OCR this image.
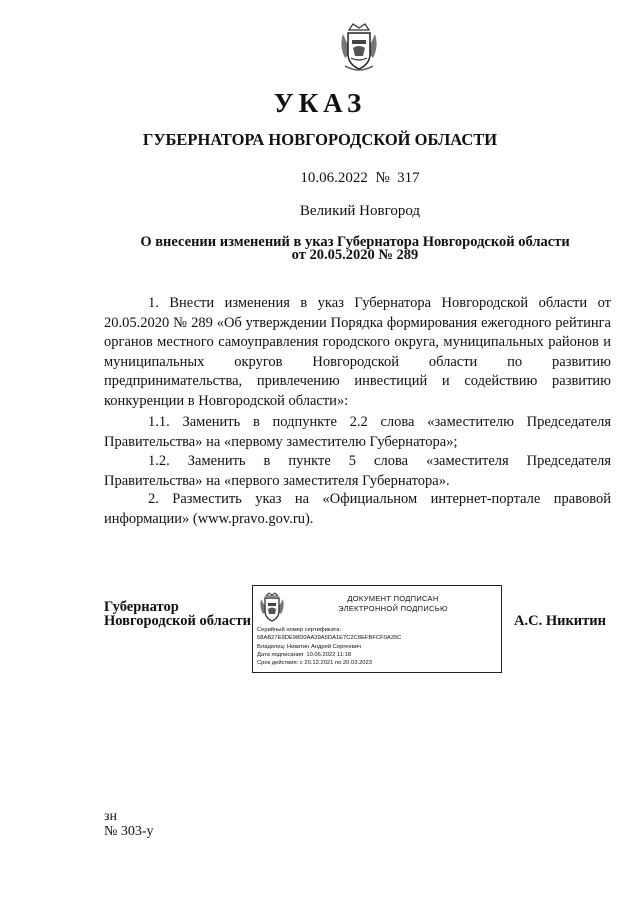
УКАЗ
ГУБЕРНАТОРА НОВГОРОДСКОЙ ОБЛАСТИ
10.06.2022  №  317
Великий Новгород
О внесении изменений в указ Губернатора Новгородской области
от 20.05.2020 № 289
1. Внести изменения в указ Губернатора Новгородской области от 20.05.2020 № 289 «Об утверждении Порядка формирования ежегодного рейтинга органов местного самоуправления городского округа, муниципальных районов и муниципальных округов Новгородской области по развитию предпринимательства, привлечению инвестиций и содействию развитию конкуренции в Новгородской области»:
1.1. Заменить в подпункте 2.2 слова «заместителю Председателя Правительства» на «первому заместителю Губернатора»;
1.2. Заменить в пункте 5 слова «заместителя Председателя Правительства» на «первого заместителя Губернатора».
2. Разместить указ на «Официальном интернет-портале правовой информации» (www.pravo.gov.ru).
Губернатор
Новгородской области
ДОКУМЕНТ ПОДПИСАН
ЭЛЕКТРОННОЙ ПОДПИСЬЮ
Серийный номер сертификата:
68AB27E9DE98D0AA39A5DA1E7C2C8EFBFCF0A35C
Владелец: Никитин Андрей Сергеевич
Дата подписания: 10.06.2022 11:18
Срок действия: с 20.12.2021 по 20.03.2023
А.С. Никитин
зн
№ 303-у
